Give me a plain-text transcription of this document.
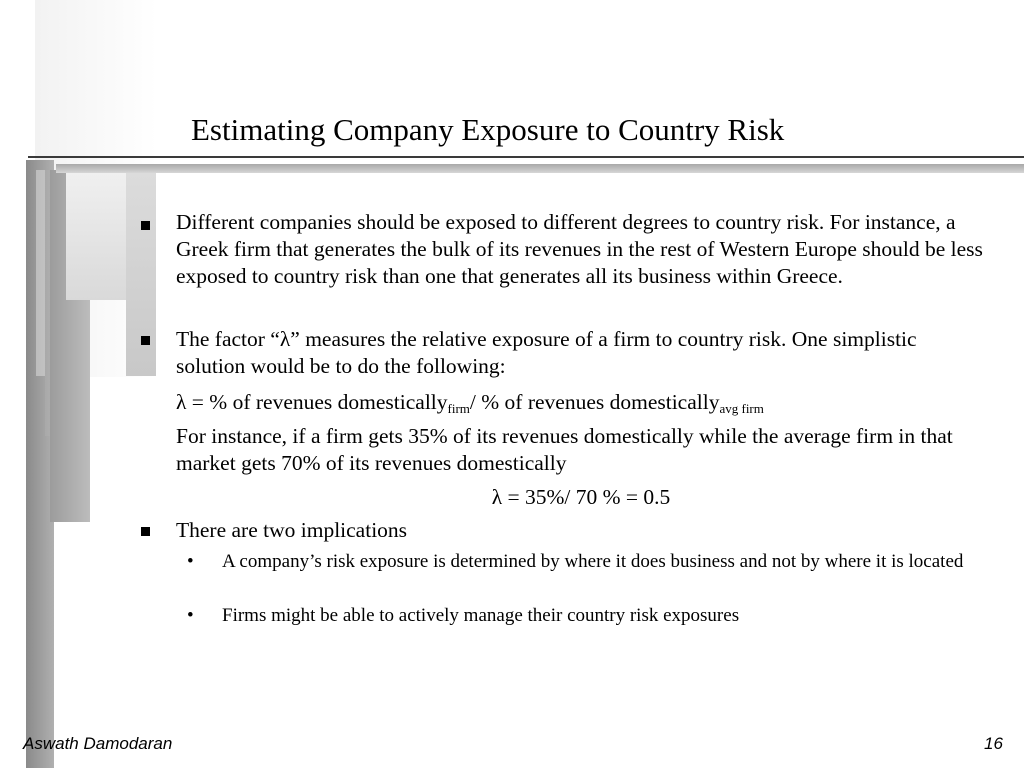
Estimating Company Exposure to Country Risk
Different companies should be exposed to different degrees to country risk. For instance, a Greek firm that generates the bulk of its revenues in the rest of Western Europe should be less exposed to country risk than one that generates all its business within Greece.
The factor “λ” measures the relative exposure of a firm to country risk. One simplistic solution would be to do the following:
λ = % of revenues domestically$_{firm}$/ % of revenues domestically$_{avg firm}$
For instance, if a firm gets 35% of its revenues domestically while the average firm in that market gets 70% of its revenues domestically
λ = 35%/ 70 % = 0.5
There are two implications
• A company’s risk exposure is determined by where it does business and not by where it is located
• Firms might be able to actively manage their country risk exposures
Aswath Damodaran	16
